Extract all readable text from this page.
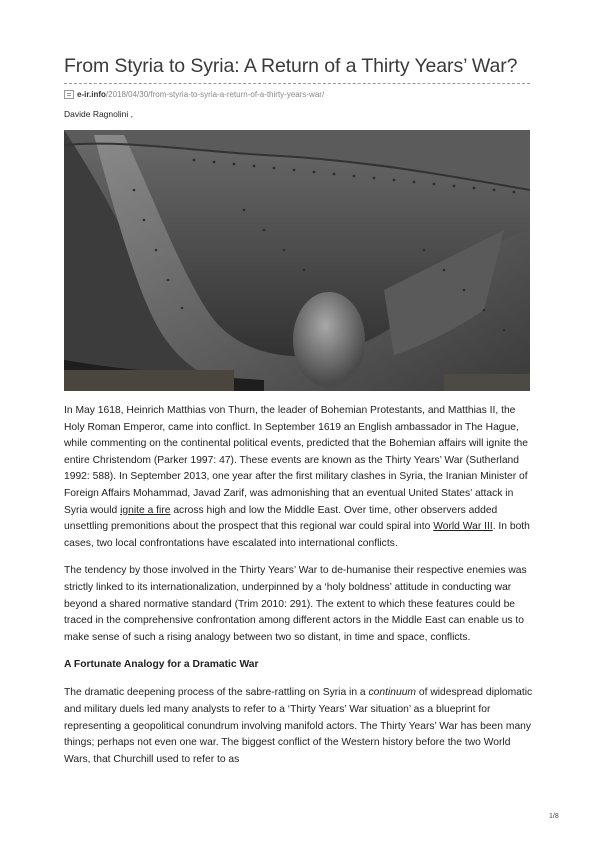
From Styria to Syria: A Return of a Thirty Years’ War?
e-ir.info /2018/04/30/from-styria-to-syria-a-return-of-a-thirty-years-war/
Davide Ragnolini ,

In May 1618, Heinrich Matthias von Thurn, the leader of Bohemian Protestants, and Matthias II, the Holy Roman Emperor, came into conflict. In September 1619 an English ambassador in The Hague, while commenting on the continental political events, predicted that the Bohemian affairs will ignite the entire Christendom (Parker 1997: 47). These events are known as the Thirty Years’ War (Sutherland 1992: 588). In September 2013, one year after the first military clashes in Syria, the Iranian Minister of Foreign Affairs Mohammad, Javad Zarif, was admonishing that an eventual United States’ attack in Syria would ignite a fire across high and low the Middle East. Over time, other observers added unsettling premonitions about the prospect that this regional war could spiral into World War III. In both cases, two local confrontations have escalated into international conflicts.

The tendency by those involved in the Thirty Years’ War to de-humanise their respective enemies was strictly linked to its internationalization, underpinned by a ‘holy boldness’ attitude in conducting war beyond a shared normative standard (Trim 2010: 291). The extent to which these features could be traced in the comprehensive confrontation among different actors in the Middle East can enable us to make sense of such a rising analogy between two so distant, in time and space, conflicts.

A Fortunate Analogy for a Dramatic War

The dramatic deepening process of the sabre-rattling on Syria in a continuum of widespread diplomatic and military duels led many analysts to refer to a ‘Thirty Years’ War situation’ as a blueprint for representing a geopolitical conundrum involving manifold actors. The Thirty Years’ War has been many things; perhaps not even one war. The biggest conflict of the Western history before the two World Wars, that Churchill used to refer to as

1/8
